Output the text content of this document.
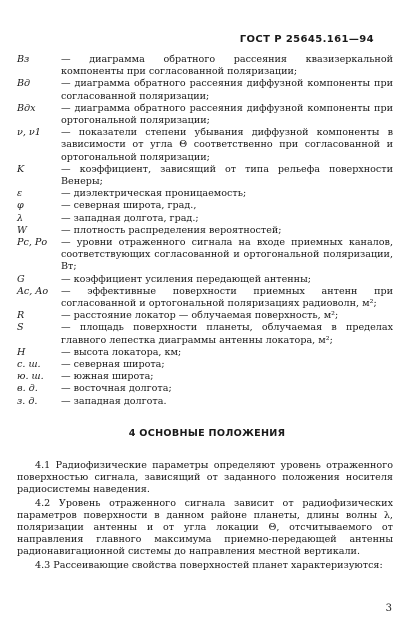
ГОСТ Р 25645.161—94
Bз	— диаграмма обратного рассеяния квазизеркальной компоненты при согласованной поляризации;
Bд	— диаграмма обратного рассеяния диффузной компоненты при согласованной поляризации;
Bдх	— диаграмма обратного рассеяния диффузной компоненты при ортогональной поляризации;
ν, ν1	— показатели степени убывания диффузной компоненты в зависимости от угла Θ соответственно при согласованной и ортогональной поляризации;
K	— коэффициент, зависящий от типа рельефа поверхности Венеры;
ε	— диэлектрическая проницаемость;
φ	— северная широта, град.,
λ	— западная долгота, град.;
W	— плотность распределения вероятностей;
Pс, Pо	— уровни отраженного сигнала на входе приемных каналов, соответствующих согласованной и ортогональной поляризации, Вт;
G	— коэффициент усиления передающей антенны;
Aс, Aо	— эффективные поверхности приемных антенн при согласованной и ортогональной поляризациях радиоволн, м²;
R	— расстояние локатор — облучаемая поверхность, м²;
S	— площадь поверхности планеты, облучаемая в пределах главного лепестка диаграммы антенны локатора, м²;
H	— высота локатора, км;
с. ш.	— северная широта;
ю. ш.	— южная широта;
в. д.	— восточная долгота;
з. д.	— западная долгота.
4 ОСНОВНЫЕ ПОЛОЖЕНИЯ

4.1 Радиофизические параметры определяют уровень отраженного поверхностью сигнала, зависящий от заданного положения носителя радиосистемы наведения.

4.2 Уровень отраженного сигнала зависит от радиофизических параметров поверхности в данном районе планеты, длины волны λ, поляризации антенны и от угла локации Θ, отсчитываемого от направления главного максимума приемно-передающей антенны радионавигационной системы до направления местной вертикали.

4.3 Рассеивающие свойства поверхностей планет характеризуются:

3
